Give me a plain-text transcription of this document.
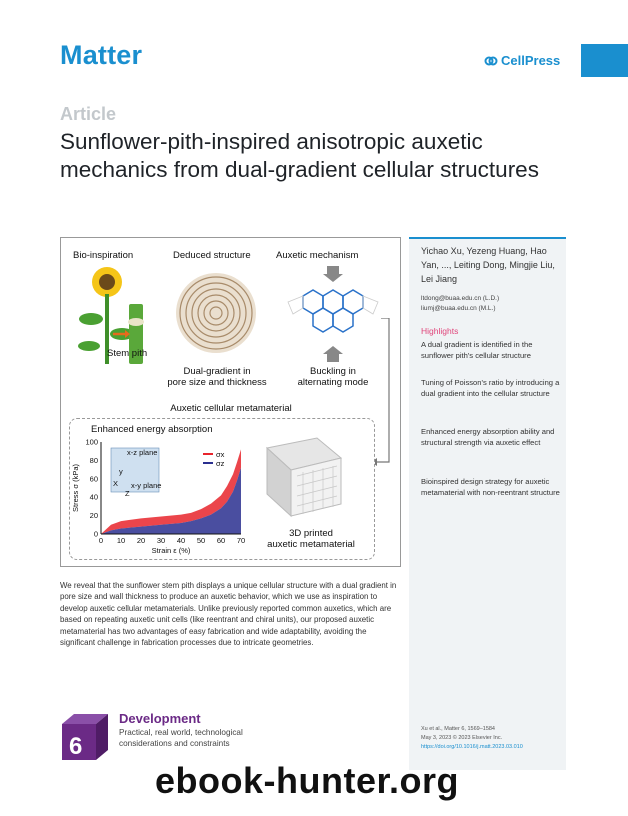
Matter	CellPress
Article
Sunflower-pith-inspired anisotropic auxetic mechanics from dual-gradient cellular structures
Bio-inspiration	Deduced structure	Auxetic mechanism
Stem pith
Dual-gradient in
pore size and thickness
Buckling in
alternating mode
Auxetic cellular metamaterial
Enhanced energy absorption
0 10 20 30 40 50 60 70
0
20
40
60
80
100
Strain ε (%)
Stress σ (kPa)
σx
σz
x-z plane
x-y plane
X
y
Z
3D printed
auxetic metamaterial
Yichao Xu, Yezeng Huang, Hao Yan, ..., Leiting Dong, Mingjie Liu, Lei Jiang
ltdong@buaa.edu.cn (L.D.)
liumj@buaa.edu.cn (M.L.)
Highlights
A dual gradient is identified in the sunflower pith's cellular structure
Tuning of Poisson's ratio by introducing a dual gradient into the cellular structure
Enhanced energy absorption ability and structural strength via auxetic effect
Bioinspired design strategy for auxetic metamaterial with non-reentrant structure
Xu et al., Matter 6, 1569–1584
May 3, 2023 © 2023 Elsevier Inc.
https://doi.org/10.1016/j.matt.2023.03.010
We reveal that the sunflower stem pith displays a unique cellular structure with a dual gradient in pore size and wall thickness to produce an auxetic behavior, which we use as inspiration to develop auxetic cellular metamaterials. Unlike previously reported common auxetics, which are based on repeating auxetic unit cells (like reentrant and chiral units), our proposed auxetic metamaterial has two advantages of easy fabrication and wide adaptability, avoiding the significant challenge in fabrication processes due to intricate geometries.
6
Development
Practical, real world, technological considerations and constraints
ebook-hunter.org
